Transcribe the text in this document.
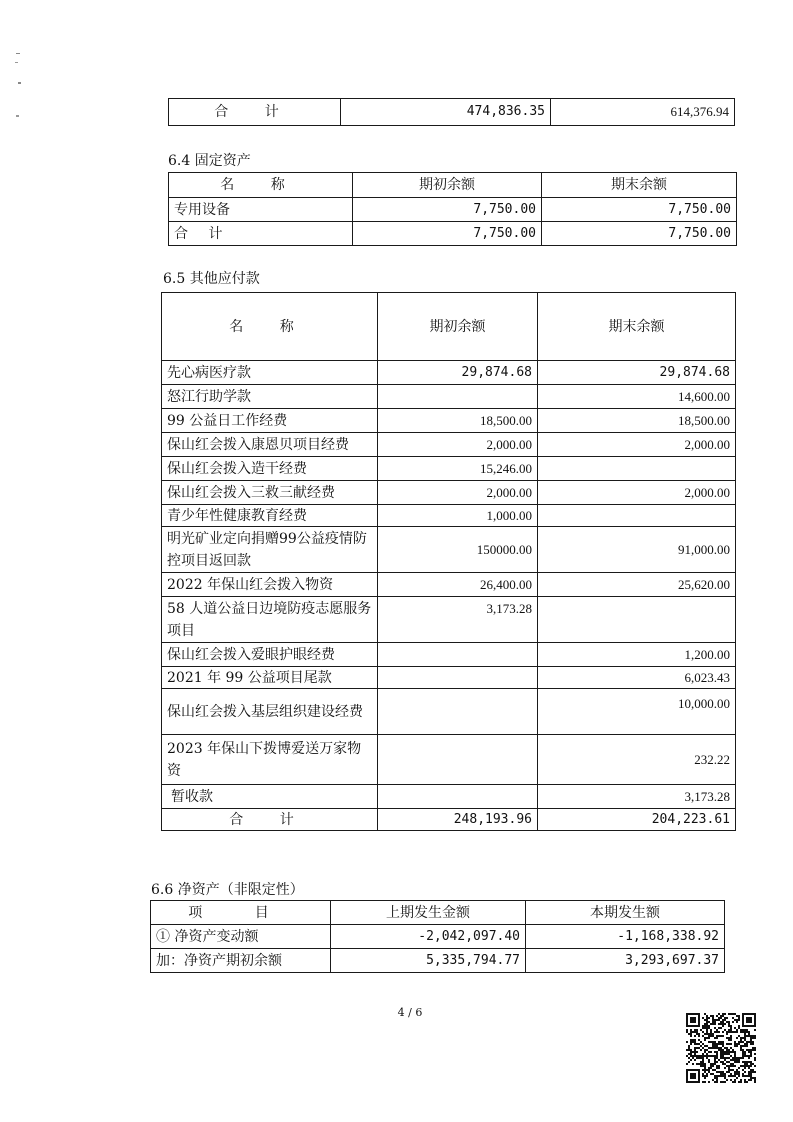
合 计	474,836.35	614,376.94
6.4 固定资产
名 称	期初余额	期末余额
专用设备	7,750.00	7,750.00
合 计	7,750.00	7,750.00
6.5 其他应付款
名 称	期初余额	期末余额
先心病医疗款	29,874.68	29,874.68
怒江行助学款		14,600.00
99 公益日工作经费	18,500.00	18,500.00
保山红会拨入康恩贝项目经费	2,000.00	2,000.00
保山红会拨入造干经费	15,246.00	
保山红会拨入三救三献经费	2,000.00	2,000.00
青少年性健康教育经费	1,000.00	
明光矿业定向捐赠99公益疫情防控项目返回款	150000.00	91,000.00
2022 年保山红会拨入物资	26,400.00	25,620.00
58 人道公益日边境防疫志愿服务项目	3,173.28	
保山红会拨入爱眼护眼经费		1,200.00
2021 年 99 公益项目尾款		6,023.43
保山红会拨入基层组织建设经费		10,000.00
2023 年保山下拨博爱送万家物资		232.22
暂收款		3,173.28
合 计	248,193.96	204,223.61
6.6 净资产（非限定性）
项 目	上期发生金额	本期发生额
① 净资产变动额	-2,042,097.40	-1,168,338.92
加：净资产期初余额	5,335,794.77	3,293,697.37
4 / 6
